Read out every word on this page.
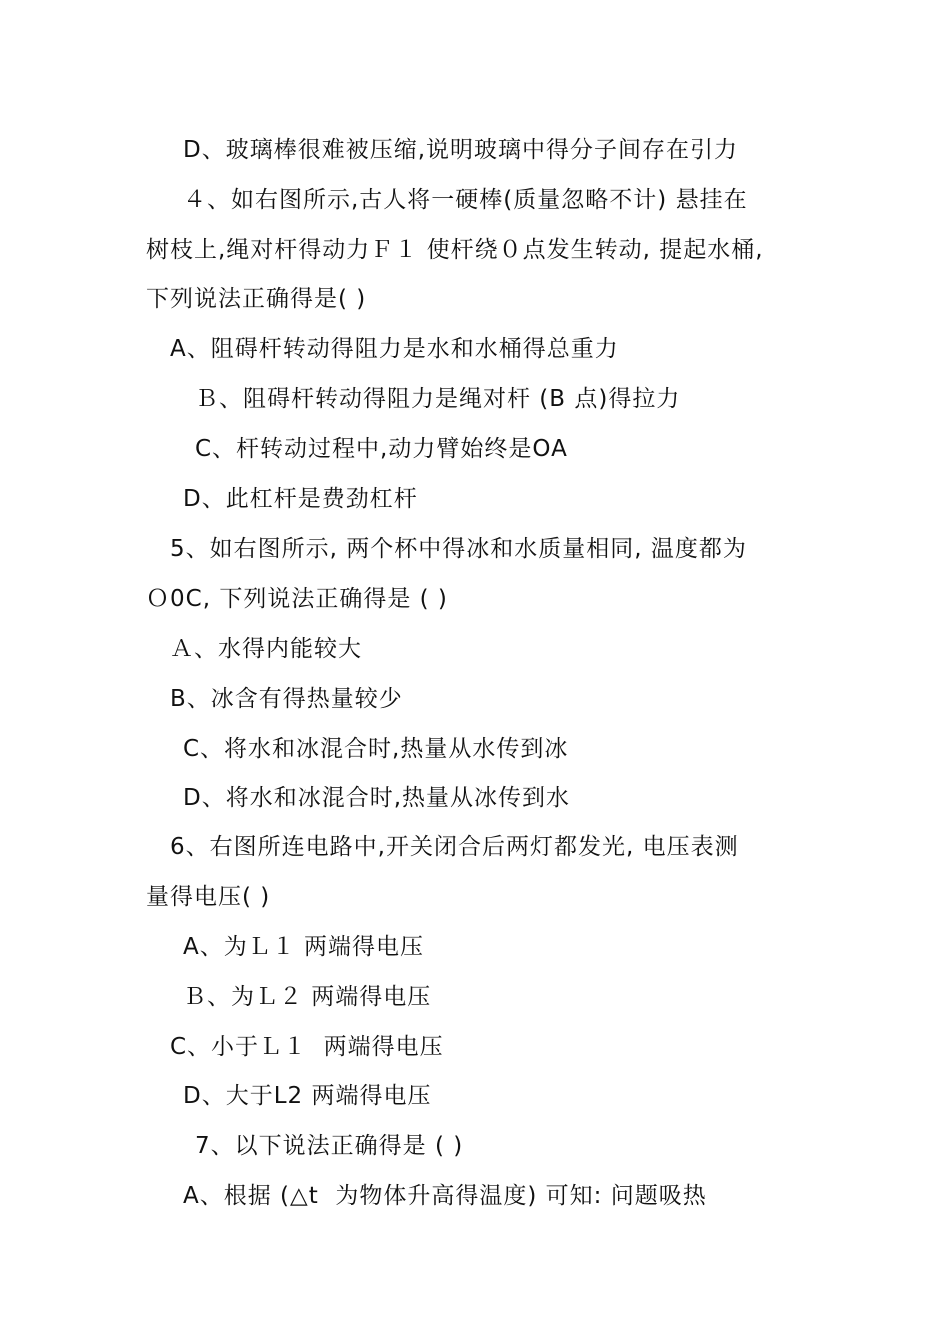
D、玻璃棒很难被压缩,说明玻璃中得分子间存在引力
４、如右图所示,古人将一硬棒(质量忽略不计) 悬挂在
树枝上,绳对杆得动力Ｆ１ 使杆绕０点发生转动, 提起水桶,
下列说法正确得是( )
A、阻碍杆转动得阻力是水和水桶得总重力
Ｂ、阻碍杆转动得阻力是绳对杆 (B 点)得拉力
C、杆转动过程中,动力臂始终是OA
D、此杠杆是费劲杠杆
5、如右图所示, 两个杯中得冰和水质量相同, 温度都为
Ｏ0C, 下列说法正确得是 ( )
Ａ、水得内能较大
B、冰含有得热量较少
C、将水和冰混合时,热量从水传到冰
D、将水和冰混合时,热量从冰传到水
6、右图所连电路中,开关闭合后两灯都发光, 电压表测
量得电压( )
A、为Ｌ１ 两端得电压
Ｂ、为Ｌ２ 两端得电压
C、小于Ｌ１  两端得电压
D、大于L2 两端得电压
7、以下说法正确得是 ( )
A、根据 (△t  为物体升高得温度) 可知: 问题吸热
